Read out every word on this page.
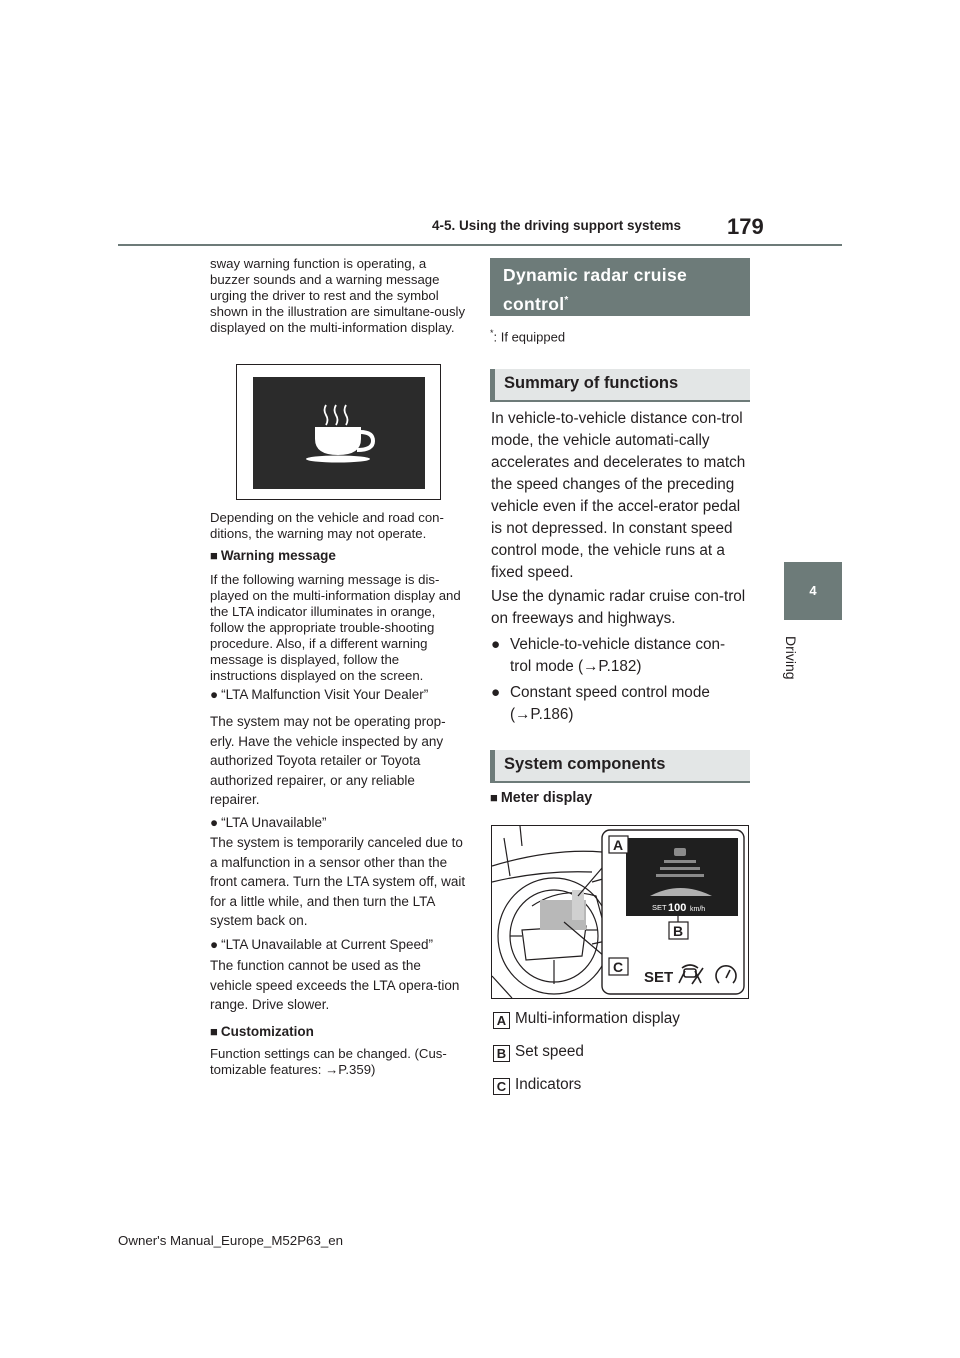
4-5. Using the driving support systems 179
4
Driving
sway warning function is operating, a buzzer sounds and a warning message urging the driver to rest and the symbol shown in the illustration are simultane-ously displayed on the multi-information display.
Depending on the vehicle and road con-ditions, the warning may not operate.
■ Warning message
If the following warning message is dis-played on the multi-information display and the LTA indicator illuminates in orange, follow the appropriate trouble-shooting procedure. Also, if a different warning message is displayed, follow the instructions displayed on the screen.
● “LTA Malfunction Visit Your Dealer”
The system may not be operating prop-erly. Have the vehicle inspected by any authorized Toyota retailer or Toyota authorized repairer, or any reliable repairer.
● “LTA Unavailable”
The system is temporarily canceled due to a malfunction in a sensor other than the front camera. Turn the LTA system off, wait for a little while, and then turn the LTA system back on.
● “LTA Unavailable at Current Speed”
The function cannot be used as the vehicle speed exceeds the LTA opera-tion range. Drive slower.
■ Customization
Function settings can be changed. (Cus-tomizable features: →P.359)
Dynamic radar cruise control*
*: If equipped
Summary of functions
In vehicle-to-vehicle distance con-trol mode, the vehicle automati-cally accelerates and decelerates to match the speed changes of the preceding vehicle even if the accel-erator pedal is not depressed. In constant speed control mode, the vehicle runs at a fixed speed.
Use the dynamic radar cruise con-trol on freeways and highways.
● Vehicle-to-vehicle distance con-
trol mode (→P.182)
● Constant speed control mode
(→P.186)
System components
■ Meter display
SET 100 km/h
A
B
C
SET
A Multi-information display
B Set speed
C Indicators
Owner's Manual_Europe_M52P63_en
